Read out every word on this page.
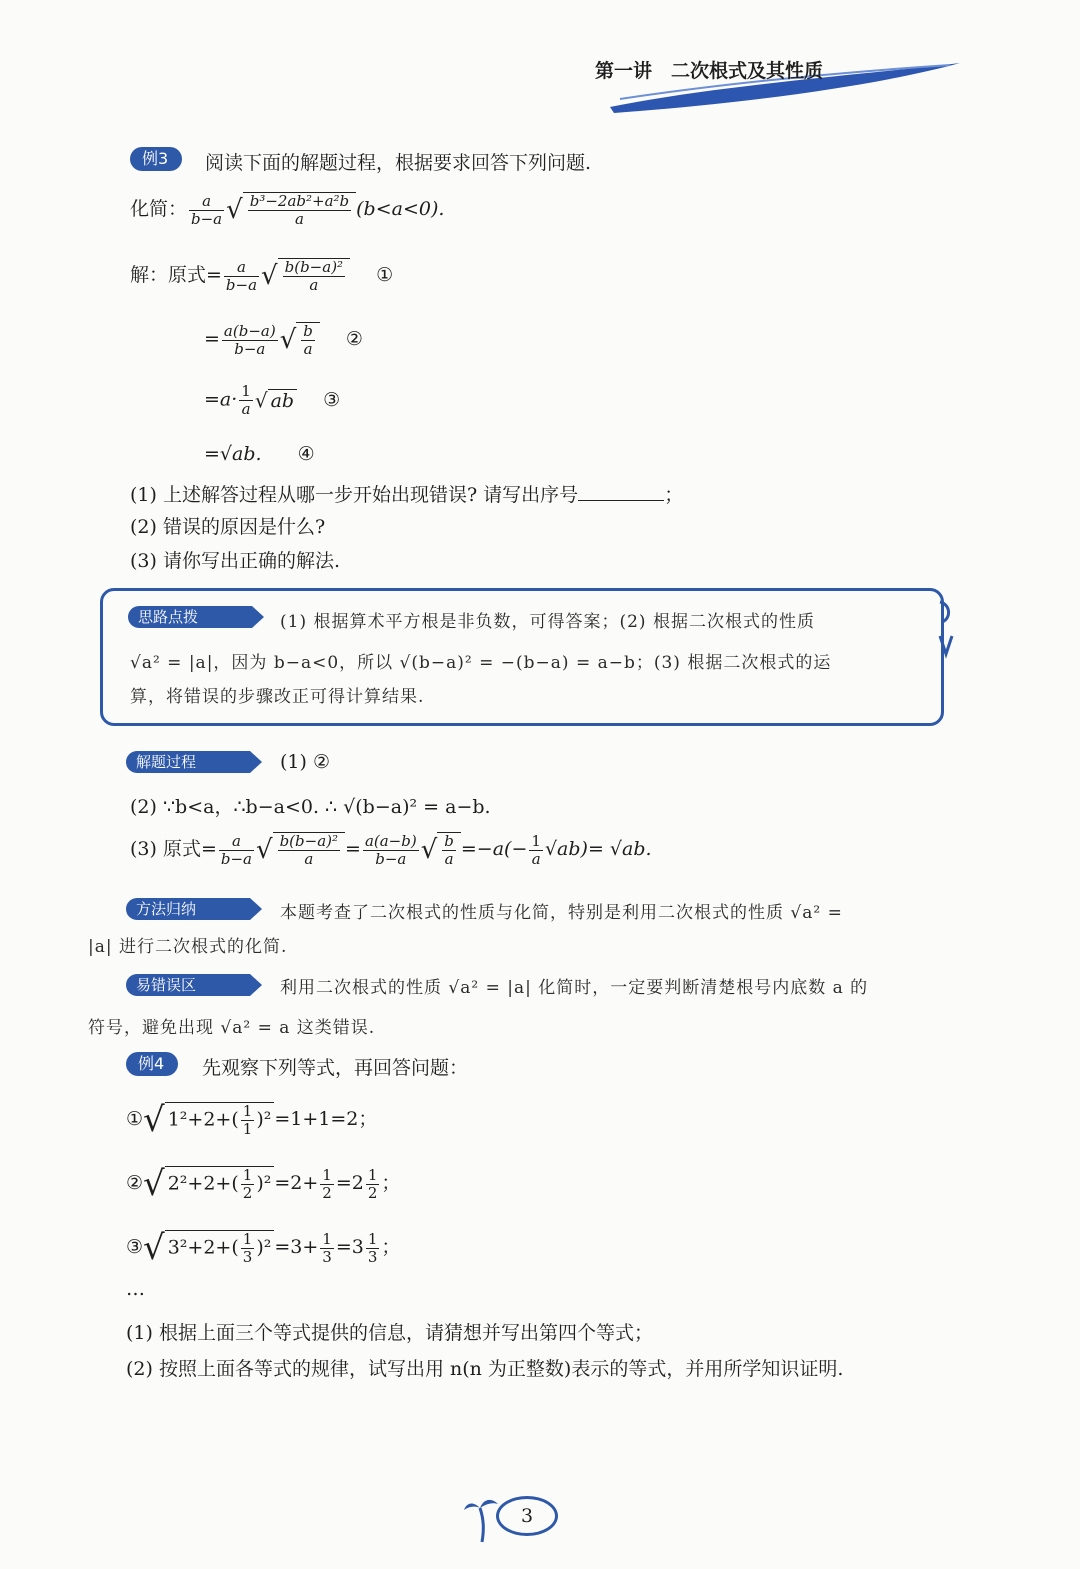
第一讲　二次根式及其性质
例3	阅读下面的解题过程，根据要求回答下列问题.
化简： $\frac{a}{b-a}$ √ $\frac{\text{b³−2ab²+a²b}}{a} (b<a<0)$.
解：原式= $\frac{a}{b-a}$ √ $\frac{\text{b(b−a)²}}{a}$ ①
= $\frac{a(b-a)}{b-a}$ √ $\frac{b}{a}$ ②
$=a\cdot \frac{1}{a}$ √ ab ③
=√ab. ④
(1) 上述解答过程从哪一步开始出现错误? 请写出序号	；
(2) 错误的原因是什么?
(3) 请你写出正确的解法.
思路点拨	(1) 根据算术平方根是非负数，可得答案；(2) 根据二次根式的性质
√a² = |a|，因为 b−a<0，所以 √(b−a)² = −(b−a) = a−b；(3) 根据二次根式的运
算，将错误的步骤改正可得计算结果.
解题过程	(1) ②
(2) ∵b<a，∴b−a<0. ∴ √(b−a)² = a−b.
(3) 原式= $\frac{a}{b-a}$ √ $\frac{\text{b(b−a)²}}{a} = \frac{a(a-b)}{b-a}$ √ $\frac{b}{a} =-a(- \frac{1}{a} √ab)= √ab$.
方法归纳	本题考查了二次根式的性质与化简，特别是利用二次根式的性质 √a² =
|a| 进行二次根式的化简.
易错误区	利用二次根式的性质 √a² = |a| 化简时，一定要判断清楚根号内底数 a 的
符号，避免出现 √a² = a 这类错误.
例4	先观察下列等式，再回答问题：
①√ $1^2+2+( \frac{1}{1} )^2 =1+1=2$；
②√ $2^2+2+( \frac{1}{2} )^2 =2+ \frac{1}{2} =2 \frac{1}{2}$ ；
③√ $3^2+2+( \frac{1}{3} )^2 =3+ \frac{1}{3} =3 \frac{1}{3}$ ；
…
(1) 根据上面三个等式提供的信息，请猜想并写出第四个等式；
(2) 按照上面各等式的规律，试写出用 n(n 为正整数)表示的等式，并用所学知识证明.
3
